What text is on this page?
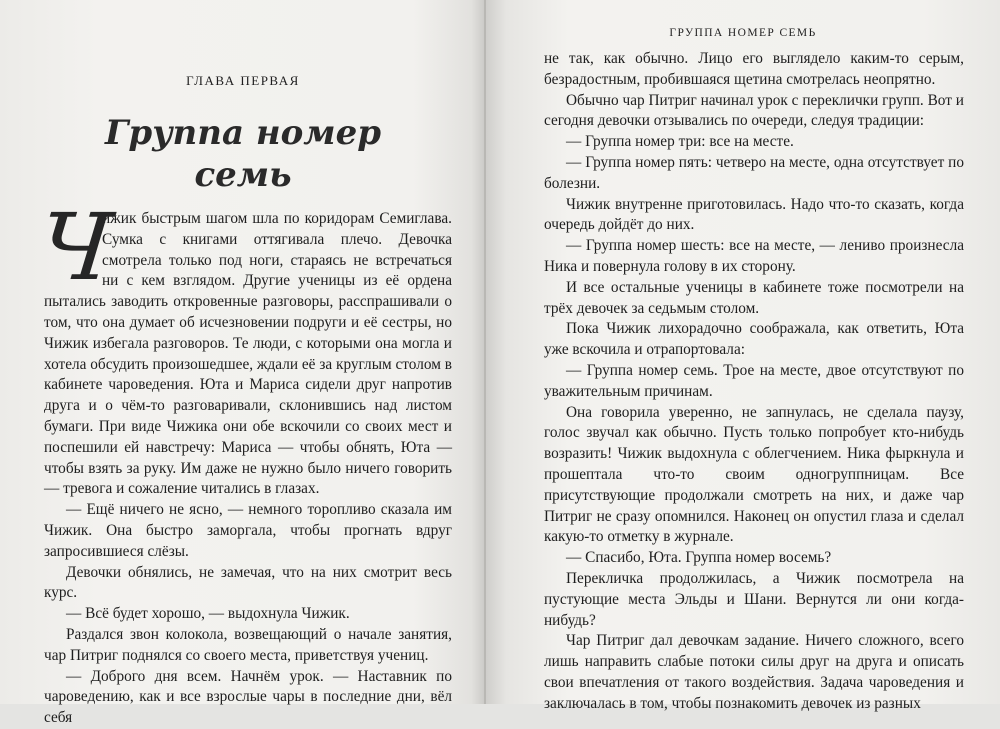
ГЛАВА ПЕРВАЯ
Группа номер
семь

Ч
ижик быстрым шагом шла по коридорам Семиглава. Сумка с книгами оттягивала плечо. Девочка смотрела только под ноги, стараясь не встречаться ни с кем взглядом. Другие ученицы из её ордена пытались заводить откровенные разговоры, расспрашивали о том, что она думает об исчезновении подруги и её сестры, но Чижик избегала разговоров. Те люди, с которыми она могла и хотела обсудить произошедшее, ждали её за круглым столом в кабинете чароведения. Юта и Мариса сидели друг напротив друга и о чём-то разговаривали, склонившись над листом бумаги. При виде Чижика они обе вскочили со своих мест и поспешили ей навстречу: Мариса — чтобы обнять, Юта — чтобы взять за руку. Им даже не нужно было ничего говорить — тревога и сожаление читались в глазах.

— Ещё ничего не ясно, — немного торопливо сказала им Чижик. Она быстро заморгала, чтобы прогнать вдруг запросившиеся слёзы.

Девочки обнялись, не замечая, что на них смотрит весь курс.

— Всё будет хорошо, — выдохнула Чижик.

Раздался звон колокола, возвещающий о начале занятия, чар Питриг поднялся со своего места, приветствуя учениц.

— Доброго дня всем. Начнём урок. — Наставник по чароведению, как и все взрослые чары в последние дни, вёл себя

ГРУППА НОМЕР СЕМЬ

не так, как обычно. Лицо его выглядело каким-то серым, безрадостным, пробившаяся щетина смотрелась неопрятно.

Обычно чар Питриг начинал урок с переклички групп. Вот и сегодня девочки отзывались по очереди, следуя традиции:

— Группа номер три: все на месте.

— Группа номер пять: четверо на месте, одна отсутствует по болезни.

Чижик внутренне приготовилась. Надо что-то сказать, когда очередь дойдёт до них.

— Группа номер шесть: все на месте, — лениво произнесла Ника и повернула голову в их сторону.

И все остальные ученицы в кабинете тоже посмотрели на трёх девочек за седьмым столом.

Пока Чижик лихорадочно соображала, как ответить, Юта уже вскочила и отрапортовала:

— Группа номер семь. Трое на месте, двое отсутствуют по уважительным причинам.

Она говорила уверенно, не запнулась, не сделала паузу, голос звучал как обычно. Пусть только попробует кто-нибудь возразить! Чижик выдохнула с облегчением. Ника фыркнула и прошептала что-то своим одногруппницам. Все присутствующие продолжали смотреть на них, и даже чар Питриг не сразу опомнился. Наконец он опустил глаза и сделал какую-то отметку в журнале.

— Спасибо, Юта. Группа номер восемь?

Перекличка продолжилась, а Чижик посмотрела на пустующие места Эльды и Шани. Вернутся ли они когда-нибудь?

Чар Питриг дал девочкам задание. Ничего сложного, всего лишь направить слабые потоки силы друг на друга и описать свои впечатления от такого воздействия. Задача чароведения и заключалась в том, чтобы познакомить девочек из разных
